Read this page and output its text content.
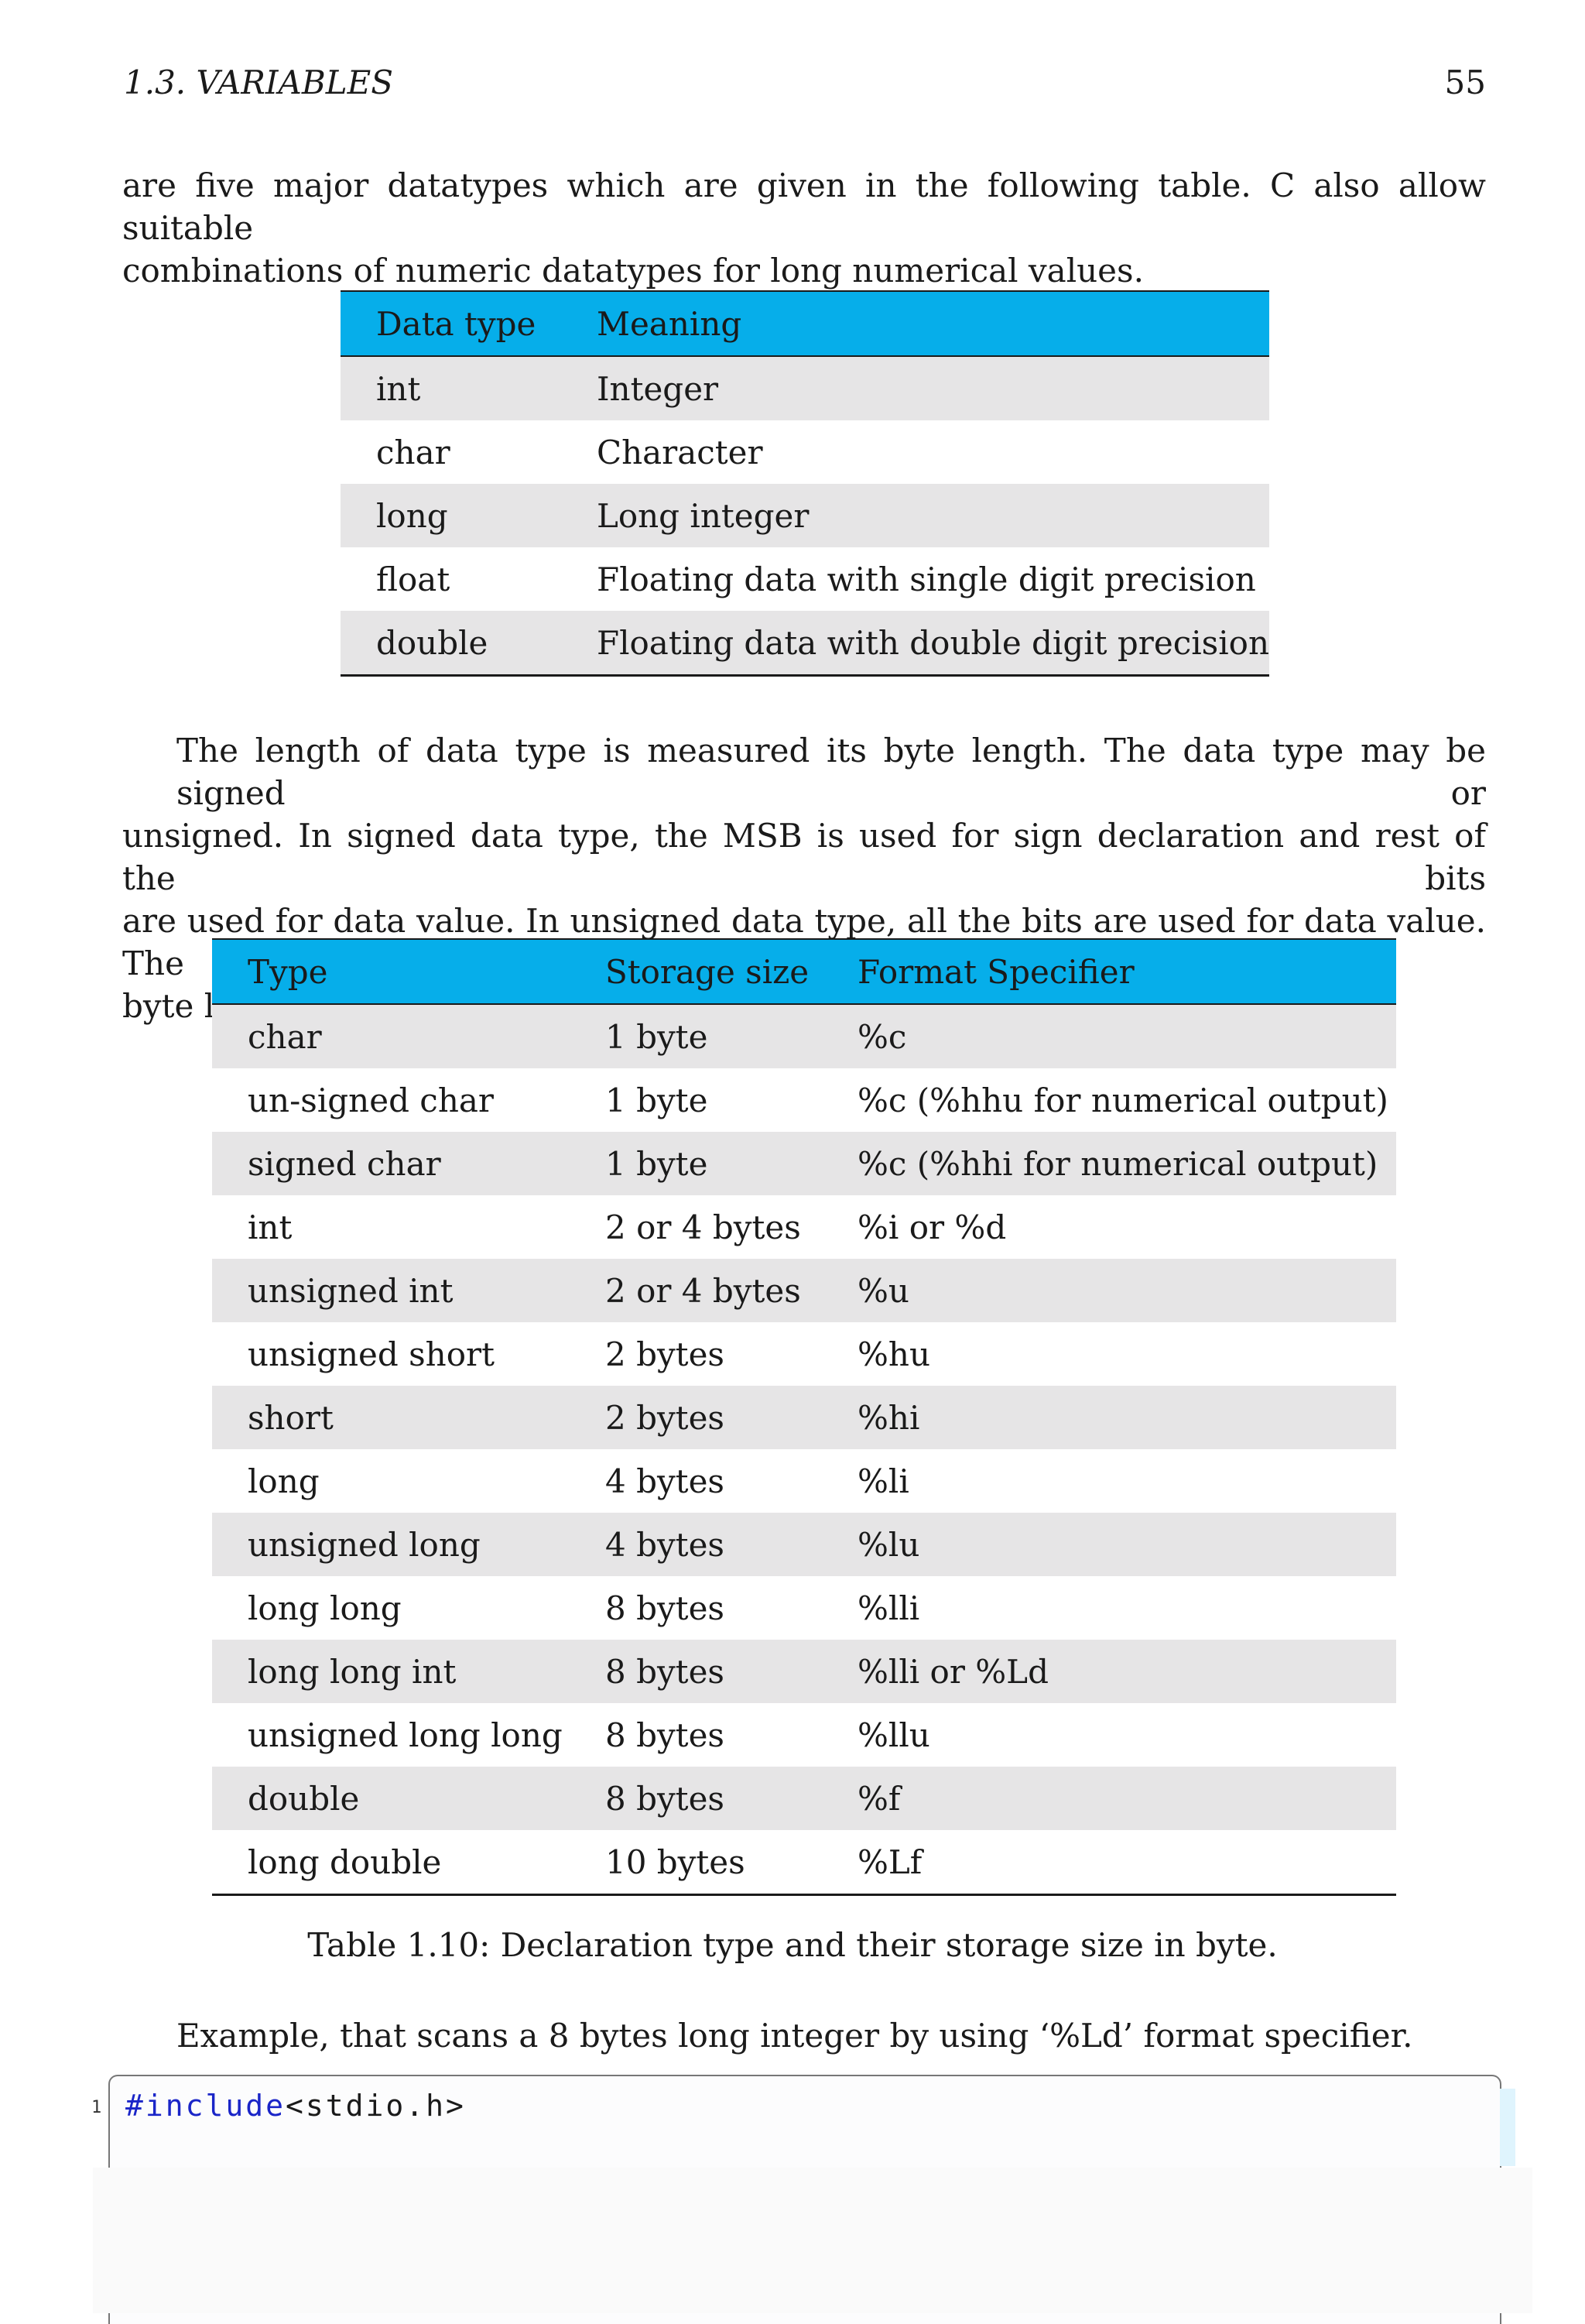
1.3. VARIABLES	55

are five major datatypes which are given in the following table. C also allow suitable
combinations of numeric datatypes for long numerical values.

Data type	Meaning
int	Integer
char	Character
long	Long integer
float	Floating data with single digit precision
double	Floating data with double digit precision

The length of data type is measured its byte length. The data type may be signed or
unsigned. In signed data type, the MSB is used for sign declaration and rest of the bits
are used for data value. In unsigned data type, all the bits are used for data value. The
byte length of different data type are given in following table.

Type	Storage size	Format Specifier
char	1 byte	%c
un-signed char	1 byte	%c (%hhu for numerical output)
signed char	1 byte	%c (%hhi for numerical output)
int	2 or 4 bytes	%i or %d
unsigned int	2 or 4 bytes	%u
unsigned short	2 bytes	%hu
short	2 bytes	%hi
long	4 bytes	%li
unsigned long	4 bytes	%lu
long long	8 bytes	%lli
long long int	8 bytes	%lli or %Ld
unsigned long long	8 bytes	%llu
double	8 bytes	%f
long double	10 bytes	%Lf
Table 1.10: Declaration type and their storage size in byte.
Example, that scans a 8 bytes long integer by using ‘%Ld’ format specifier.
1 #include<stdio.h>
